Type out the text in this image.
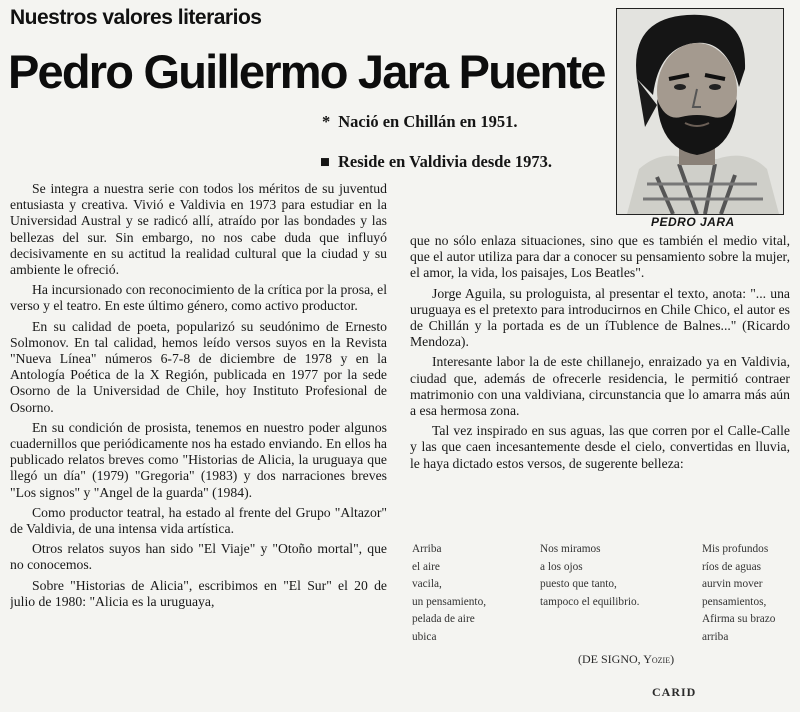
Nuestros valores literarios
Pedro Guillermo Jara Puente
* Nació en Chillán en 1951.
■ Reside en Valdivia desde 1973.
PEDRO JARA

Se integra a nuestra serie con todos los méritos de su juventud entusiasta y creativa. Vivió e Valdivia en 1973 para estudiar en la Universidad Austral y se radicó allí, atraído por las bondades y las bellezas del sur. Sin embargo, no nos cabe duda que influyó decisivamente en su actitud la realidad cultural que la ciudad y su ambiente le ofreció.

Ha incursionado con reconocimiento de la crítica por la prosa, el verso y el teatro. En este último género, como activo productor.

En su calidad de poeta, popularizó su seudónimo de Ernesto Solmonov. En tal calidad, hemos leído versos suyos en la Revista "Nueva Línea" números 6-7-8 de diciembre de 1978 y en la Antología Poética de la X Región, publicada en 1977 por la sede Osorno de la Universidad de Chile, hoy Instituto Profesional de Osorno.

En su condición de prosista, tenemos en nuestro poder algunos cuadernillos que periódicamente nos ha estado enviando. En ellos ha publicado relatos breves como "Historias de Alicia, la uruguaya que llegó un día" (1979) "Gregoria" (1983) y dos narraciones breves "Los signos" y "Angel de la guarda" (1984).

Como productor teatral, ha estado al frente del Grupo "Altazor" de Valdivia, de una intensa vida artística.

Otros relatos suyos han sido "El Viaje" y "Otoño mortal", que no conocemos.

Sobre "Historias de Alicia", escribimos en "El Sur" el 20 de julio de 1980: "Alicia es la uruguaya,

que no sólo enlaza situaciones, sino que es también el medio vital, que el autor utiliza para dar a conocer su pensamiento sobre la mujer, el amor, la vida, los paisajes, Los Beatles".

Jorge Aguila, su prologuista, al presentar el texto, anota: "... una uruguaya es el pretexto para introducirnos en Chile Chico, el autor es de Chillán y la portada es de un íTublence de Balnes..." (Ricardo Mendoza).

Interesante labor la de este chillanejo, enraizado ya en Valdivia, ciudad que, además de ofrecerle residencia, le permitió contraer matrimonio con una valdiviana, circunstancia que lo amarra más aún a esa hermosa zona.

Tal vez inspirado en sus aguas, las que corren por el Calle-Calle y las que caen incesantemente desde el cielo, convertidas en lluvia, le haya dictado estos versos, de sugerente belleza:

Arriba
el aire
vacila,
un pensamiento,
pelada de aire
ubica
Nos miramos
a los ojos
puesto que tanto,
tampoco el equilibrio.
Mis profundos
ríos de aguas
aurvin mover
pensamientos,
Afirma su brazo
arriba
(DE SIGNO, Yozie)
CARID
